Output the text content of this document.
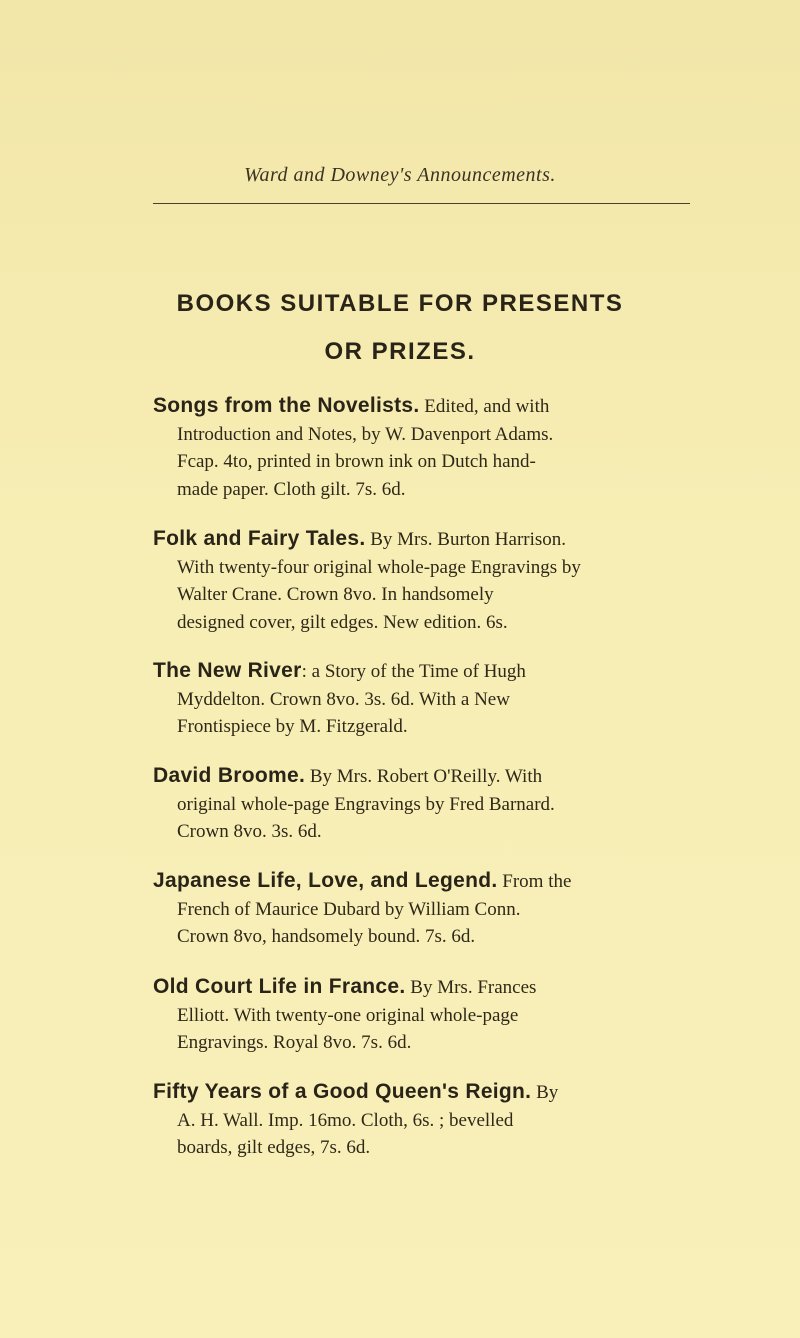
Ward and Downey's Announcements.
BOOKS SUITABLE FOR PRESENTS
OR PRIZES.
Songs from the Novelists. Edited, and with
Introduction and Notes, by W. Davenport Adams.
Fcap. 4to, printed in brown ink on Dutch hand-
made paper. Cloth gilt. 7s. 6d.
Folk and Fairy Tales. By Mrs. Burton Harrison.
With twenty-four original whole-page Engravings by
Walter Crane. Crown 8vo. In handsomely
designed cover, gilt edges. New edition. 6s.
The New River: a Story of the Time of Hugh
Myddelton. Crown 8vo. 3s. 6d. With a New
Frontispiece by M. Fitzgerald.
David Broome. By Mrs. Robert O'Reilly. With
original whole-page Engravings by Fred Barnard.
Crown 8vo. 3s. 6d.
Japanese Life, Love, and Legend. From the
French of Maurice Dubard by William Conn.
Crown 8vo, handsomely bound. 7s. 6d.
Old Court Life in France. By Mrs. Frances
Elliott. With twenty-one original whole-page
Engravings. Royal 8vo. 7s. 6d.
Fifty Years of a Good Queen's Reign. By
A. H. Wall. Imp. 16mo. Cloth, 6s. ; bevelled
boards, gilt edges, 7s. 6d.
